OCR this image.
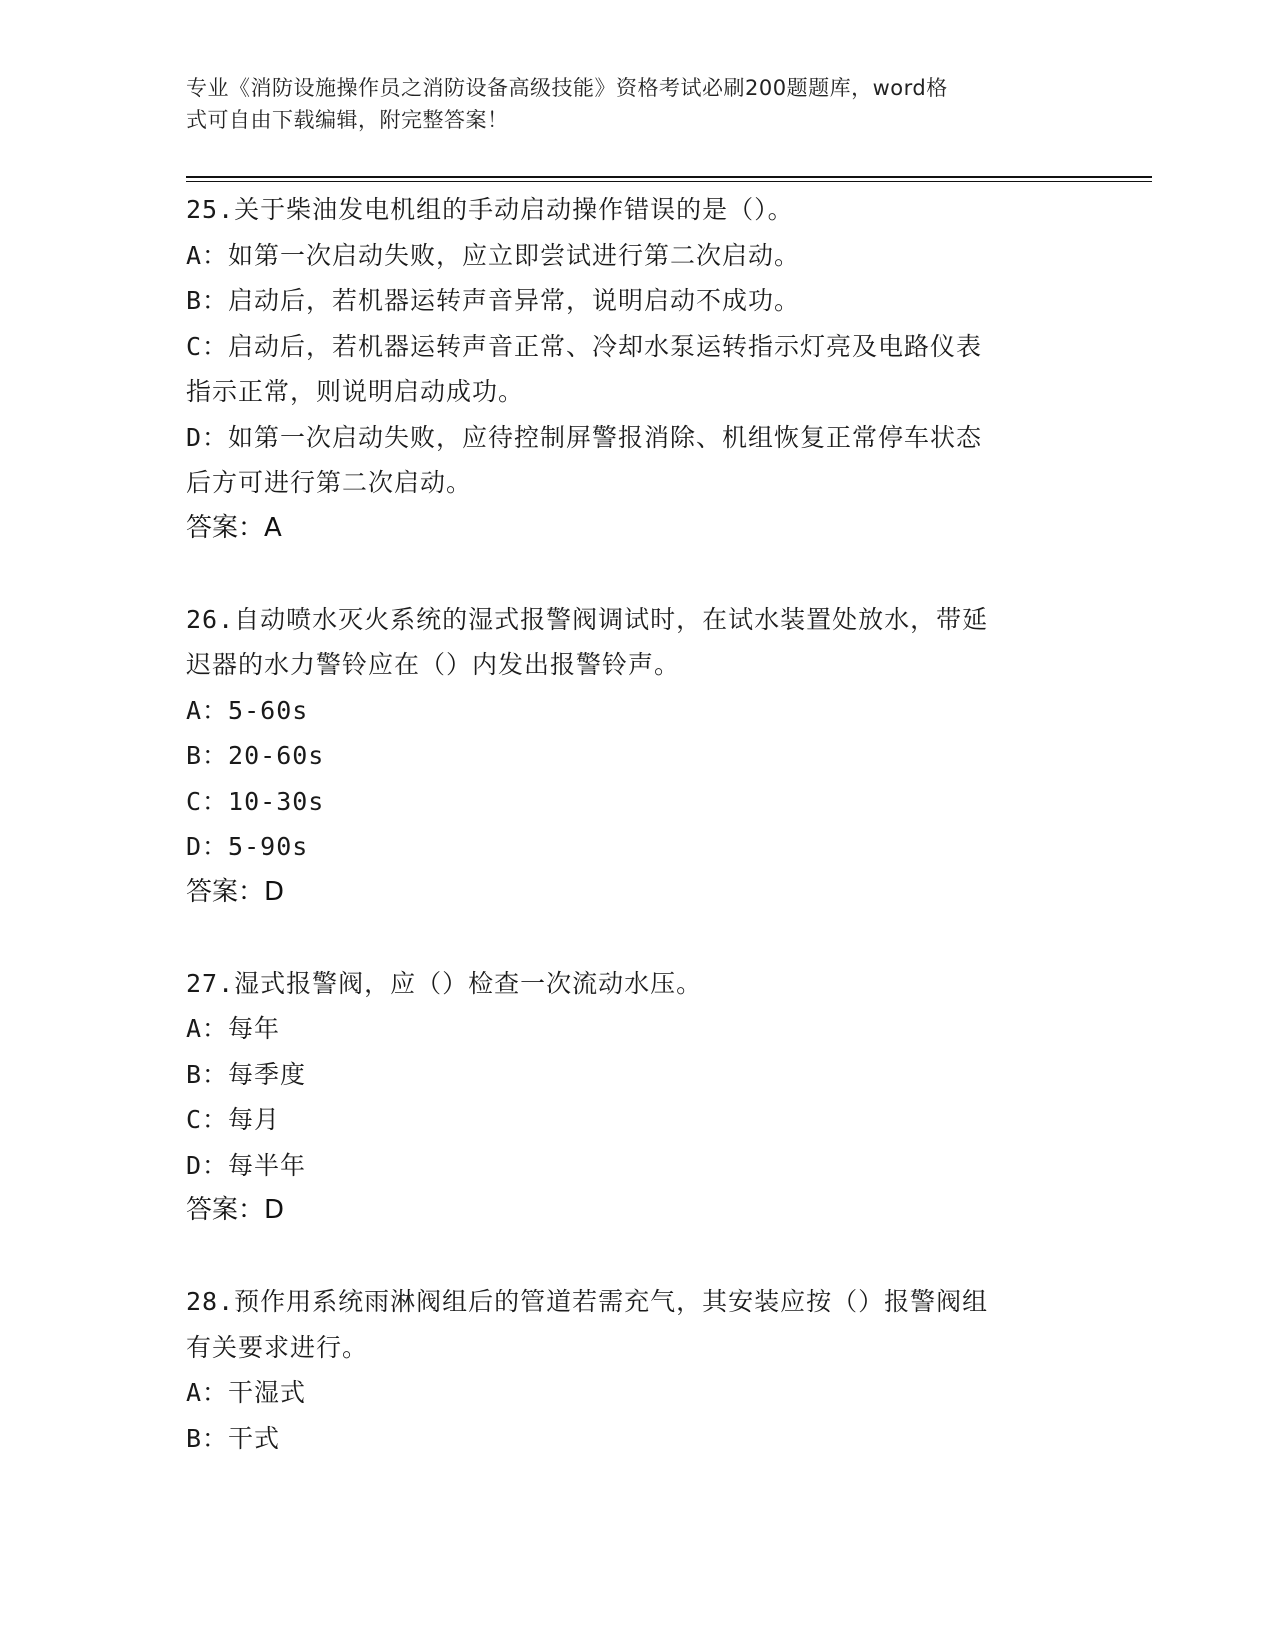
专业《消防设施操作员之消防设备高级技能》资格考试必刷200题题库，word格
式可自由下载编辑，附完整答案！
25.关于柴油发电机组的手动启动操作错误的是（）。
A：如第一次启动失败，应立即尝试进行第二次启动。
B：启动后，若机器运转声音异常，说明启动不成功。
C：启动后，若机器运转声音正常、冷却水泵运转指示灯亮及电路仪表
指示正常，则说明启动成功。
D：如第一次启动失败，应待控制屏警报消除、机组恢复正常停车状态
后方可进行第二次启动。
答案：A
26.自动喷水灭火系统的湿式报警阀调试时，在试水装置处放水，带延
迟器的水力警铃应在（）内发出报警铃声。
A：5-60s
B：20-60s
C：10-30s
D：5-90s
答案：D
27.湿式报警阀，应（）检查一次流动水压。
A：每年
B：每季度
C：每月
D：每半年
答案：D
28.预作用系统雨淋阀组后的管道若需充气，其安装应按（）报警阀组
有关要求进行。
A：干湿式
B：干式
